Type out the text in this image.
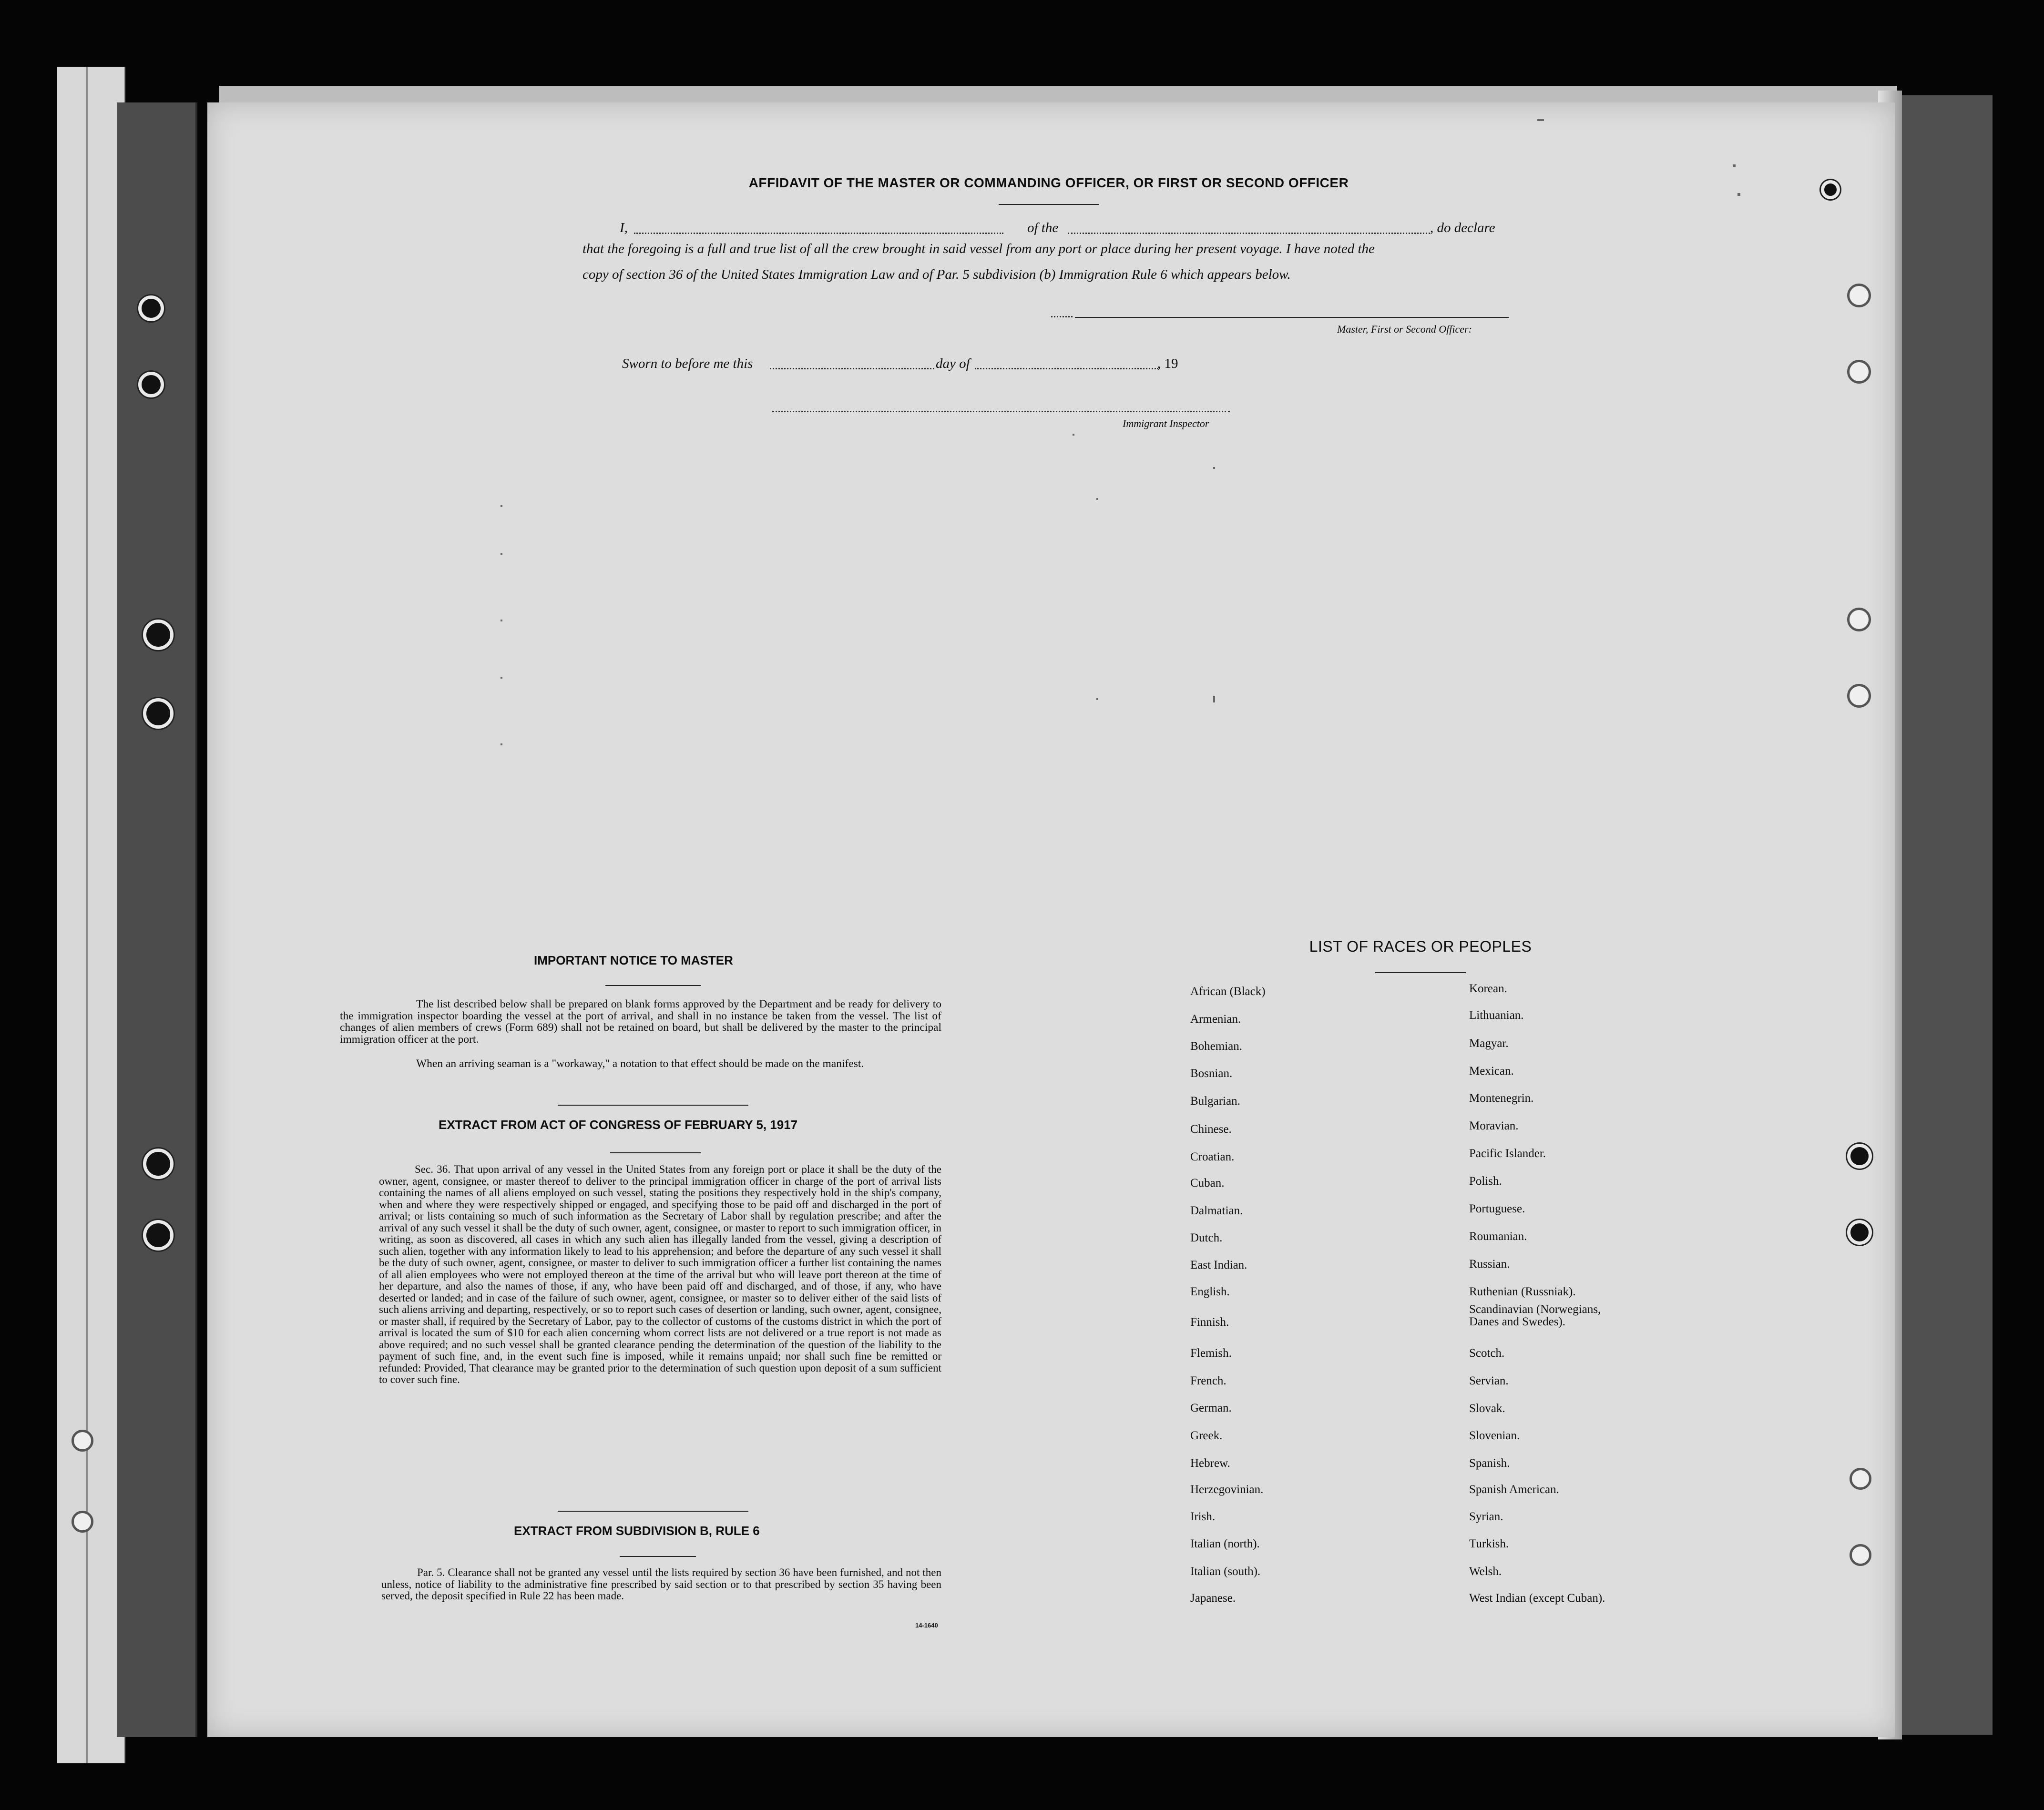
AFFIDAVIT OF THE MASTER OR COMMANDING OFFICER, OR FIRST OR SECOND OFFICER
I,	of the	, do declare
that the foregoing is a full and true list of all the crew brought in said vessel from any port or place during her present voyage. I have noted the
copy of section 36 of the United States Immigration Law and of Par. 5 subdivision (b) Immigration Rule 6 which appears below.
Master, First or Second Officer:
Sworn to before me this	day of	, 19
Immigrant Inspector
IMPORTANT NOTICE TO MASTER
The list described below shall be prepared on blank forms approved by the Department and be ready for delivery to the immigration inspector boarding the vessel at the port of arrival, and shall in no instance be taken from the vessel. The list of changes of alien members of crews (Form 689) shall not be retained on board, but shall be delivered by the master to the principal immigration officer at the port.
When an arriving seaman is a "workaway," a notation to that effect should be made on the manifest.
EXTRACT FROM ACT OF CONGRESS OF FEBRUARY 5, 1917
Sec. 36. That upon arrival of any vessel in the United States from any foreign port or place it shall be the duty of the owner, agent, consignee, or master thereof to deliver to the principal immigration officer in charge of the port of arrival lists containing the names of all aliens employed on such vessel, stating the positions they respectively hold in the ship's company, when and where they were respectively shipped or engaged, and specifying those to be paid off and discharged in the port of arrival; or lists containing so much of such information as the Secretary of Labor shall by regulation prescribe; and after the arrival of any such vessel it shall be the duty of such owner, agent, consignee, or master to report to such immigration officer, in writing, as soon as discovered, all cases in which any such alien has illegally landed from the vessel, giving a description of such alien, together with any information likely to lead to his apprehension; and before the departure of any such vessel it shall be the duty of such owner, agent, consignee, or master to deliver to such immigration officer a further list containing the names of all alien employees who were not employed thereon at the time of the arrival but who will leave port thereon at the time of her departure, and also the names of those, if any, who have been paid off and discharged, and of those, if any, who have deserted or landed; and in case of the failure of such owner, agent, consignee, or master so to deliver either of the said lists of such aliens arriving and departing, respectively, or so to report such cases of desertion or landing, such owner, agent, consignee, or master shall, if required by the Secretary of Labor, pay to the collector of customs of the customs district in which the port of arrival is located the sum of $10 for each alien concerning whom correct lists are not delivered or a true report is not made as above required; and no such vessel shall be granted clearance pending the determination of the question of the liability to the payment of such fine, and, in the event such fine is imposed, while it remains unpaid; nor shall such fine be remitted or refunded: Provided, That clearance may be granted prior to the determination of such question upon deposit of a sum sufficient to cover such fine.
EXTRACT FROM SUBDIVISION B, RULE 6
Par. 5. Clearance shall not be granted any vessel until the lists required by section 36 have been furnished, and not then unless, notice of liability to the administrative fine prescribed by said section or to that prescribed by section 35 having been served, the deposit specified in Rule 22 has been made.
14-1640
LIST OF RACES OR PEOPLES
African (Black)
Armenian.
Bohemian.
Bosnian.
Bulgarian.
Chinese.
Croatian.
Cuban.
Dalmatian.
Dutch.
East Indian.
English.
Finnish.
Flemish.
French.
German.
Greek.
Hebrew.
Herzegovinian.
Irish.
Italian (north).
Italian (south).
Japanese.
Korean.
Lithuanian.
Magyar.
Mexican.
Montenegrin.
Moravian.
Pacific Islander.
Polish.
Portuguese.
Roumanian.
Russian.
Ruthenian (Russniak).
Scandinavian (Norwegians,
Danes and Swedes).
Scotch.
Servian.
Slovak.
Slovenian.
Spanish.
Spanish American.
Syrian.
Turkish.
Welsh.
West Indian (except Cuban).
